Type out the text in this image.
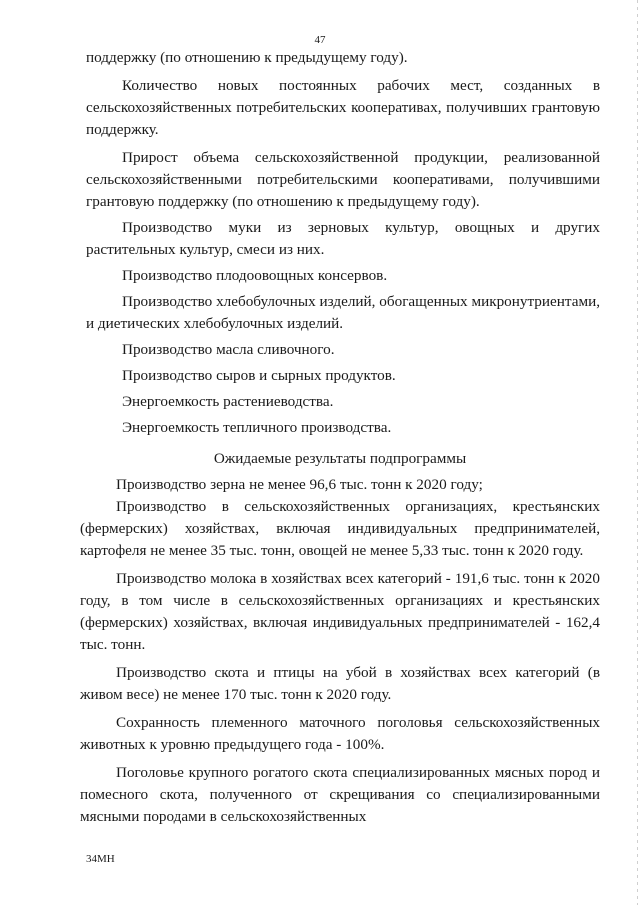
47

поддержку (по отношению к предыдущему году).

Количество новых постоянных рабочих мест, созданных в сельскохозяйственных потребительских кооперативах, получивших грантовую поддержку.

Прирост объема сельскохозяйственной продукции, реализованной сельскохозяйственными потребительскими кооперативами, получившими грантовую поддержку (по отношению к предыдущему году).

Производство муки из зерновых культур, овощных и других растительных культур, смеси из них.

Производство плодоовощных консервов.

Производство хлебобулочных изделий, обогащенных микронутриентами, и диетических хлебобулочных изделий.

Производство масла сливочного.

Производство сыров и сырных продуктов.

Энергоемкость растениеводства.

Энергоемкость тепличного производства.

Ожидаемые результаты подпрограммы

Производство зерна не менее 96,6 тыс. тонн к 2020 году;

Производство в сельскохозяйственных организациях, крестьянских (фермерских) хозяйствах, включая индивидуальных предпринимателей, картофеля не менее 35 тыс. тонн, овощей не менее 5,33 тыс. тонн к 2020 году.

Производство молока в хозяйствах всех категорий - 191,6 тыс. тонн к 2020 году, в том числе в сельскохозяйственных организациях и крестьянских (фермерских) хозяйствах, включая индивидуальных предпринимателей - 162,4 тыс. тонн.

Производство скота и птицы на убой в хозяйствах всех категорий (в живом весе) не менее 170 тыс. тонн к 2020 году.

Сохранность племенного маточного поголовья сельскохозяйственных животных к уровню предыдущего года - 100%.

Поголовье крупного рогатого скота специализированных мясных пород и помесного скота, полученного от скрещивания со специализированными мясными породами в сельскохозяйственных

34МН
